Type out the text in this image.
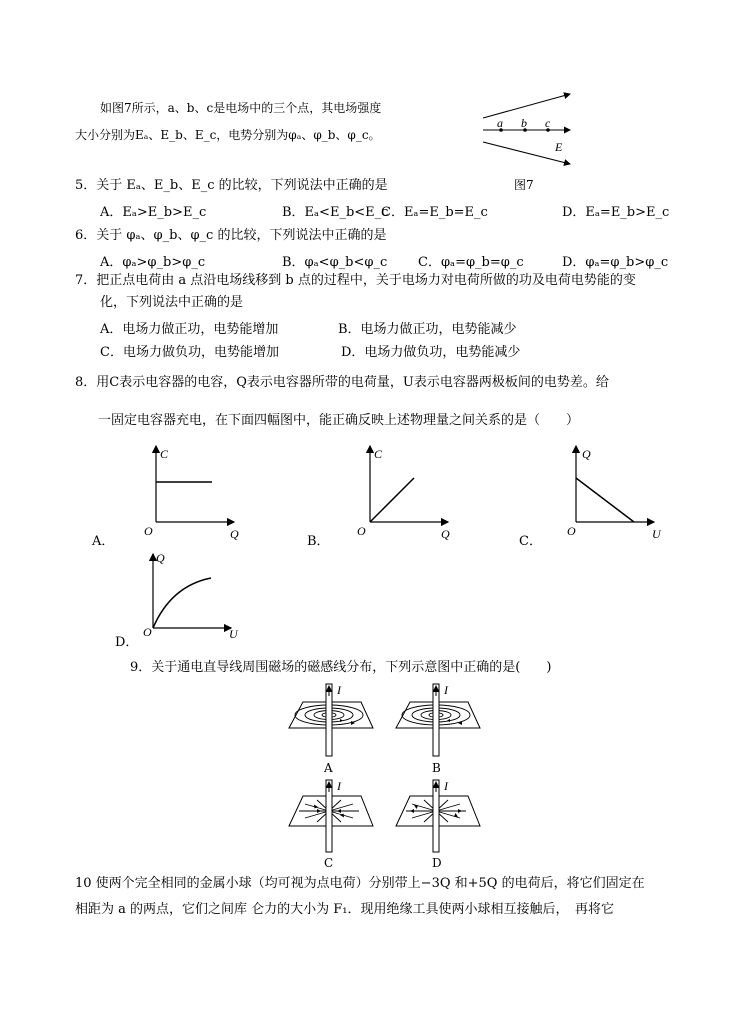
如图7所示，a、b、c是电场中的三个点，其电场强度
大小分别为Eₐ、E_b、E_c，电势分别为φₐ、φ_b、φ_c。
a b c
E
图7
5．关于 Eₐ、E_b、E_c 的比较，下列说法中正确的是
A．Eₐ>E_b>E_c	B．Eₐ<E_b<E_c
C．Eₐ=E_b=E_c	D．Eₐ=E_b>E_c
6．关于 φₐ、φ_b、φ_c 的比较，下列说法中正确的是
A．φₐ>φ_b>φ_c	B．φₐ<φ_b<φ_c C．φₐ=φ_b=φ_c	D．φₐ=φ_b>φ_c
7．把正点电荷由 a 点沿电场线移到 b 点的过程中，关于电场力对电荷所做的功及电荷电势能的变
化，下列说法中正确的是
A．电场力做正功，电势能增加	B．电场力做正功，电势能减少
C．电场力做负功，电势能增加	D．电场力做负功，电势能减少
8．用C表示电容器的电容，Q表示电容器所带的电荷量，U表示电容器两极板间的电势差。给
一固定电容器充电，在下面四幅图中，能正确反映上述物理量之间关系的是（　　）
C
Q
O
A．
C
Q
O
B．
Q
U
O
C．
Q
U
O
D．
9．关于通电直导线周围磁场的磁感线分布，下列示意图中正确的是(　　)
I
A
I
B
I
C
I
D
10 使两个完全相同的金属小球（均可视为点电荷）分别带上−3Q 和+5Q 的电荷后，将它们固定在
相距为 a 的两点，它们之间库 仑力的大小为 F₁．现用绝缘工具使两小球相互接触后，　再将它
